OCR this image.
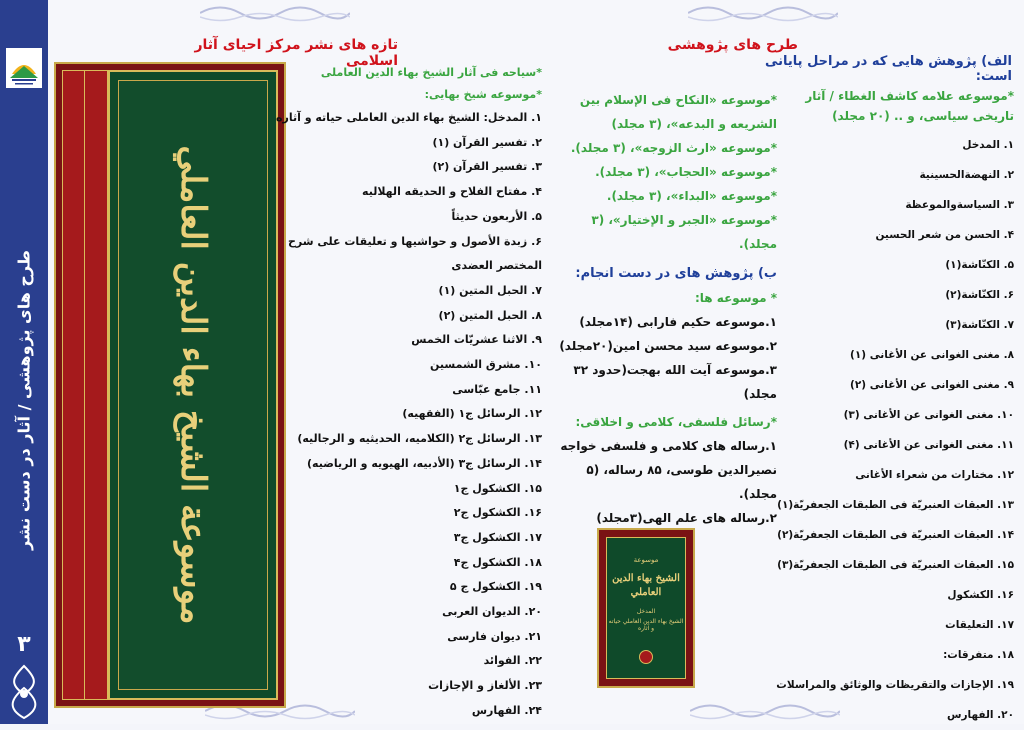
طرح های پژوهشی / آثار در دست نشر
۳
تازه های نشر مرکز احیای آثار اسلامی
موسوعة الشيخ بهاء الدين العاملي
*سیاحه فی آثار الشیخ بهاء الدین العاملی
*موسوعه شیخ بهایی:
۱. المدخل: الشیخ بهاء الدین العاملی حیاته و آثاره
۲. تفسیر القرآن (۱)
۳. تفسیر القرآن (۲)
۴. مفتاح الفلاح و الحدیقه الهلالیه
۵. الأربعون حدیثاً
۶. زبدة الأصول و حواشیها و تعلیقات علی شرح
المختصر العضدی
۷. الحبل المتین (۱)
۸. الحبل المتین (۲)
۹. الاثنا عشریّات الخمس
۱۰. مشرق الشمسین
۱۱. جامع عبّاسی
۱۲. الرسائل ج۱ (الفقهیه)
۱۳. الرسائل ج۲ (الکلامیه، الحدیثیه و الرجالیه)
۱۴. الرسائل ج۳ (الأدبیه، الهیویه و الریاضیه)
۱۵. الکشکول ج۱
۱۶. الکشکول ج۲
۱۷. الکشکول ج۳
۱۸. الکشکول ج۴
۱۹. الکشکول ج ۵
۲۰. الدیوان العربی
۲۱. دیوان فارسی
۲۲. الفوائد
۲۳. الألغاز و الإجازات
۲۴. الفهارس
طرح های پژوهشی
الف) پژوهش هایی که در مراحل پایانی است:
*موسوعه «النکاح فی الإسلام بین الشریعه و البدعه»، (۳ مجلد)
*موسوعه «ارث الزوجه»، (۳ مجلد).
*موسوعه «الحجاب»، (۳ مجلد).
*موسوعه «البداء»، (۳ مجلد).
*موسوعه «الجبر و الإختیار»، (۳ مجلد).
ب) پژوهش های در دست انجام:
* موسوعه ها:
۱.موسوعه حکیم فارابی (۱۴مجلد)
۲.موسوعه سید محسن امین(۲۰مجلد)
۳.موسوعه آیت الله بهجت(حدود ۳۲ مجلد)
*رسائل فلسفی، کلامی و اخلاقی:
۱.رساله های کلامی و فلسفی خواجه نصیرالدین طوسی، ۸۵ رساله، (۵ مجلد).
۲.رساله های علم الهی(۳مجلد)
موسوعة
الشيخ بهاء الدين العاملي
المدخل
الشيخ بهاء الدين العاملي حياته و آثاره
*موسوعه علامه کاشف الغطاء / آثار تاریخی سیاسی، و .. (۲۰ مجلد)
۱. المدخل
۲. النهضةالحسینیة
۳. السیاسةوالموعظة
۴. الحسن من شعر الحسین
۵. الکنّاشة(۱)
۶. الکنّاشة(۲)
۷. الکنّاشة(۳)
۸. مغنی الغوانی عن الأغانی (۱)
۹. مغنی الغوانی عن الأغانی (۲)
۱۰. مغنی الغوانی عن الأغانی (۳)
۱۱. مغنی الغوانی عن الأغانی (۴)
۱۲. مختارات من شعراء الأغانی
۱۳. العبقات العنبریّة فی الطبقات الجعفریّة(۱)
۱۴. العبقات العنبریّة فی الطبقات الجعفریّة(۲)
۱۵. العبقات العنبریّة فی الطبقات الجعفریّة(۳)
۱۶. الکشکول
۱۷. التعلیقات
۱۸. متفرقات:
۱۹. الإجازات والتقریظات والوثائق والمراسلات
۲۰. الفهارس
